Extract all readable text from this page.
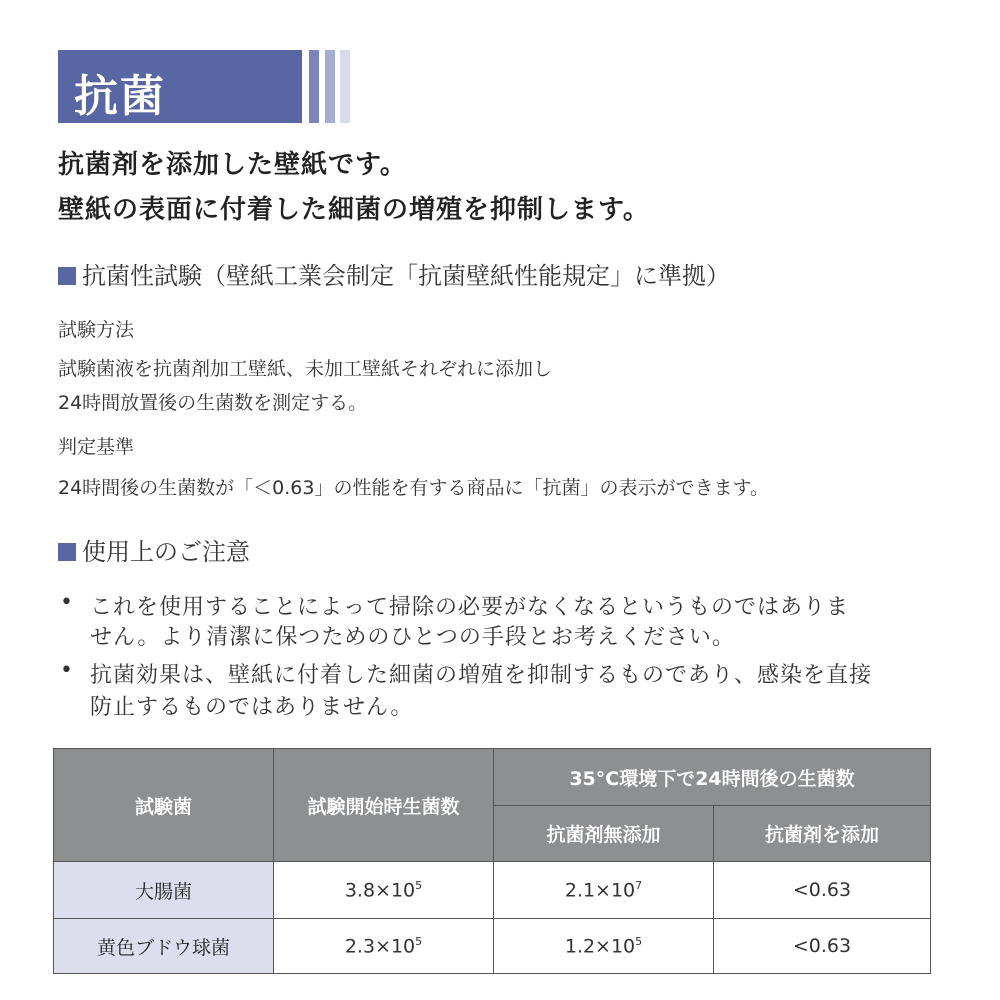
抗菌
抗菌剤を添加した壁紙です。
壁紙の表面に付着した細菌の増殖を抑制します。
抗菌性試験（壁紙工業会制定「抗菌壁紙性能規定」に準拠）
試験方法
試験菌液を抗菌剤加工壁紙、未加工壁紙それぞれに添加し
24時間放置後の生菌数を測定する。
判定基準
24時間後の生菌数が「＜0.63」の性能を有する商品に「抗菌」の表示ができます。
使用上のご注意
• これを使用することによって掃除の必要がなくなるというものではありま
せん。より清潔に保つためのひとつの手段とお考えください。
• 抗菌効果は、壁紙に付着した細菌の増殖を抑制するものであり、感染を直接
防止するものではありません。
試験菌	試験開始時生菌数	35°C環境下で24時間後の生菌数	
		抗菌剤無添加	抗菌剤を添加
大腸菌	$3.8\times 10^5$	$2.1\times 10^7$	<0.63
黄色ブドウ球菌	$2.3\times 10^5$	$1.2\times 10^5$	<0.63
